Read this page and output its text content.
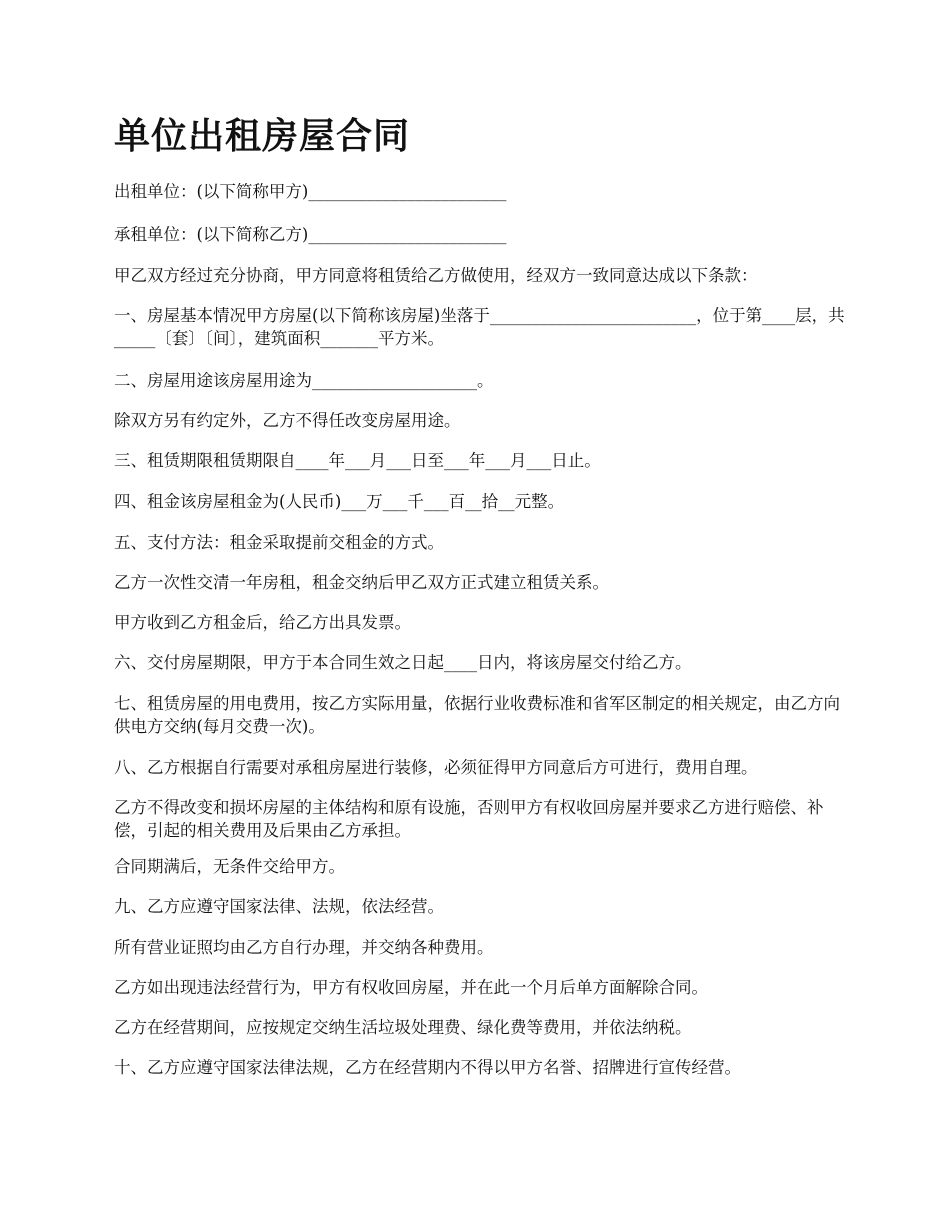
单位出租房屋合同

出租单位：(以下简称甲方)________________________

承租单位：(以下简称乙方)________________________

甲乙双方经过充分协商，甲方同意将租赁给乙方做使用，经双方一致同意达成以下条款：

一、房屋基本情况甲方房屋(以下简称该房屋)坐落于_________________________，位于第____层，共_____〔套〕〔间〕，建筑面积_______平方米。

二、房屋用途该房屋用途为____________________。

除双方另有约定外，乙方不得任改变房屋用途。

三、租赁期限租赁期限自____年___月___日至___年___月___日止。

四、租金该房屋租金为(人民币)___万___千___百__拾__元整。

五、支付方法：租金采取提前交租金的方式。

乙方一次性交清一年房租，租金交纳后甲乙双方正式建立租赁关系。

甲方收到乙方租金后，给乙方出具发票。

六、交付房屋期限，甲方于本合同生效之日起____日内，将该房屋交付给乙方。

七、租赁房屋的用电费用，按乙方实际用量，依据行业收费标准和省军区制定的相关规定，由乙方向供电方交纳(每月交费一次)。

八、乙方根据自行需要对承租房屋进行装修，必须征得甲方同意后方可进行，费用自理。

乙方不得改变和损坏房屋的主体结构和原有设施，否则甲方有权收回房屋并要求乙方进行赔偿、补偿，引起的相关费用及后果由乙方承担。

合同期满后，无条件交给甲方。

九、乙方应遵守国家法律、法规，依法经营。

所有营业证照均由乙方自行办理，并交纳各种费用。

乙方如出现违法经营行为，甲方有权收回房屋，并在此一个月后单方面解除合同。

乙方在经营期间，应按规定交纳生活垃圾处理费、绿化费等费用，并依法纳税。

十、乙方应遵守国家法律法规，乙方在经营期内不得以甲方名誉、招牌进行宣传经营。
